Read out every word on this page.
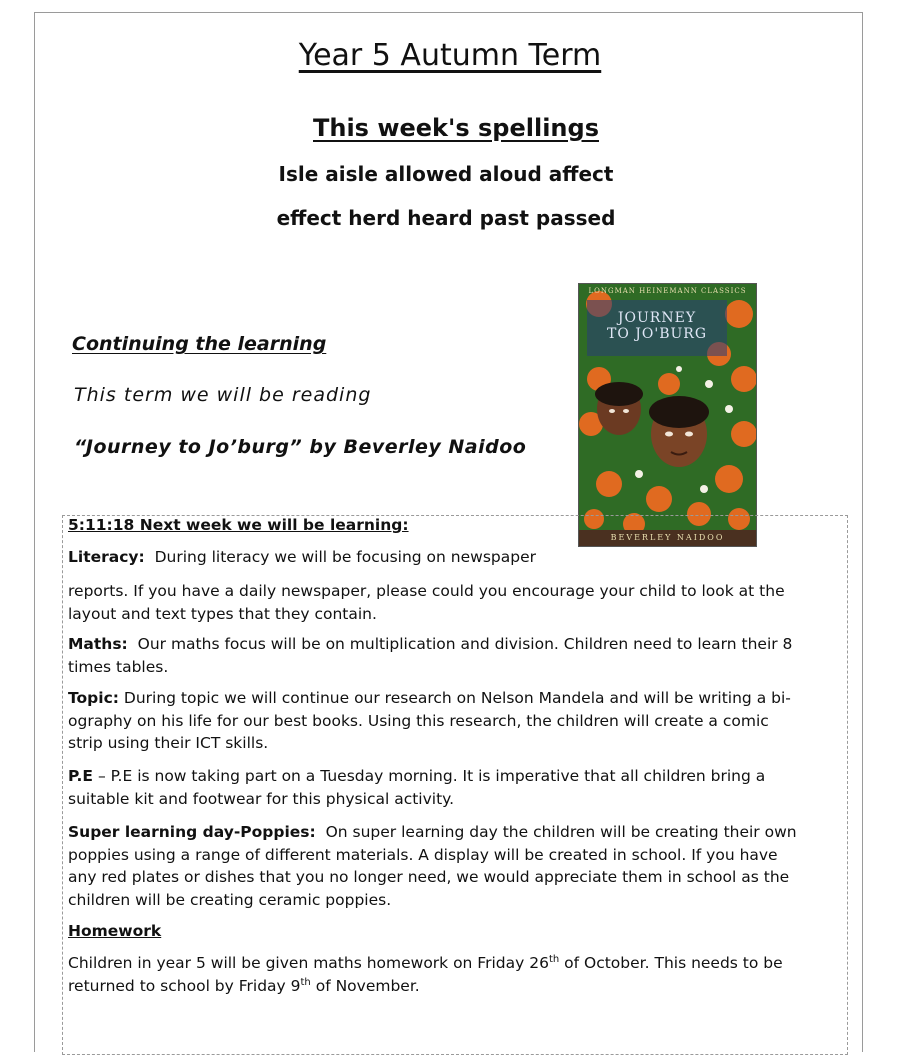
Year 5 Autumn Term
This week's spellings
Isle aisle allowed aloud affect
effect herd heard past passed
Continuing the learning
This term we will be reading
“Journey to Jo’burg” by Beverley Naidoo
LONGMAN HEINEMANN CLASSICS
JOURNEY
TO JO'BURG
BEVERLEY NAIDOO
5:11:18 Next week we will be learning:
Literacy: During literacy we will be focusing on newspaper
reports. If you have a daily newspaper, please could you encourage your child to look at the
layout and text types that they contain.
Maths: Our maths focus will be on multiplication and division. Children need to learn their 8
times tables.
Topic: During topic we will continue our research on Nelson Mandela and will be writing a bi-
ography on his life for our best books. Using this research, the children will create a comic
strip using their ICT skills.
P.E – P.E is now taking part on a Tuesday morning. It is imperative that all children bring a
suitable kit and footwear for this physical activity.
Super learning day-Poppies: On super learning day the children will be creating their own
poppies using a range of different materials. A display will be created in school. If you have
any red plates or dishes that you no longer need, we would appreciate them in school as the
children will be creating ceramic poppies.
Homework
Children in year 5 will be given maths homework on Friday 26th of October. This needs to be
returned to school by Friday 9th of November.
